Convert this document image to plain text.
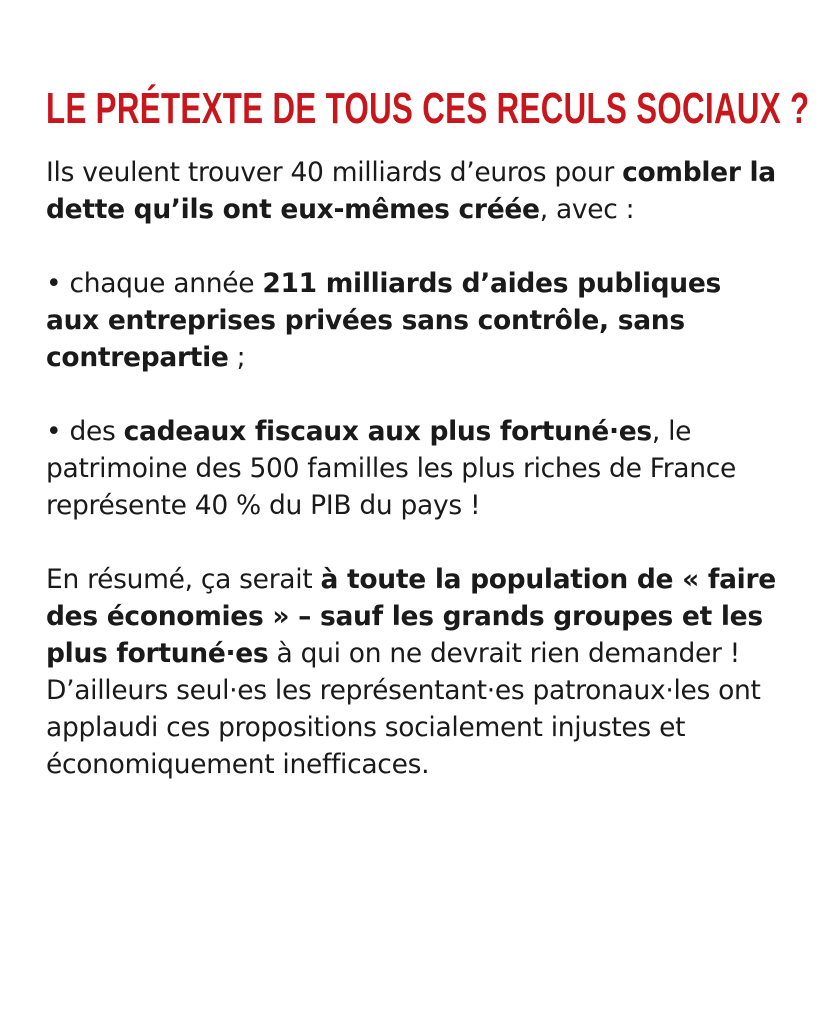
LE PRÉTEXTE DE TOUS CES RECULS SOCIAUX ?

Ils veulent trouver 40 milliards d’euros pour combler la dette qu’ils ont eux-mêmes créée, avec :

• chaque année 211 milliards d’aides publiques aux entreprises privées sans contrôle, sans contrepartie ;

• des cadeaux fiscaux aux plus fortuné·es, le patrimoine des 500 familles les plus riches de France représente 40 % du PIB du pays !

En résumé, ça serait à toute la population de « faire des économies » – sauf les grands groupes et les plus fortuné·es à qui on ne devrait rien demander ! D’ailleurs seul·es les représentant·es patronaux·les ont applaudi ces propositions socialement injustes et économiquement inefficaces.
